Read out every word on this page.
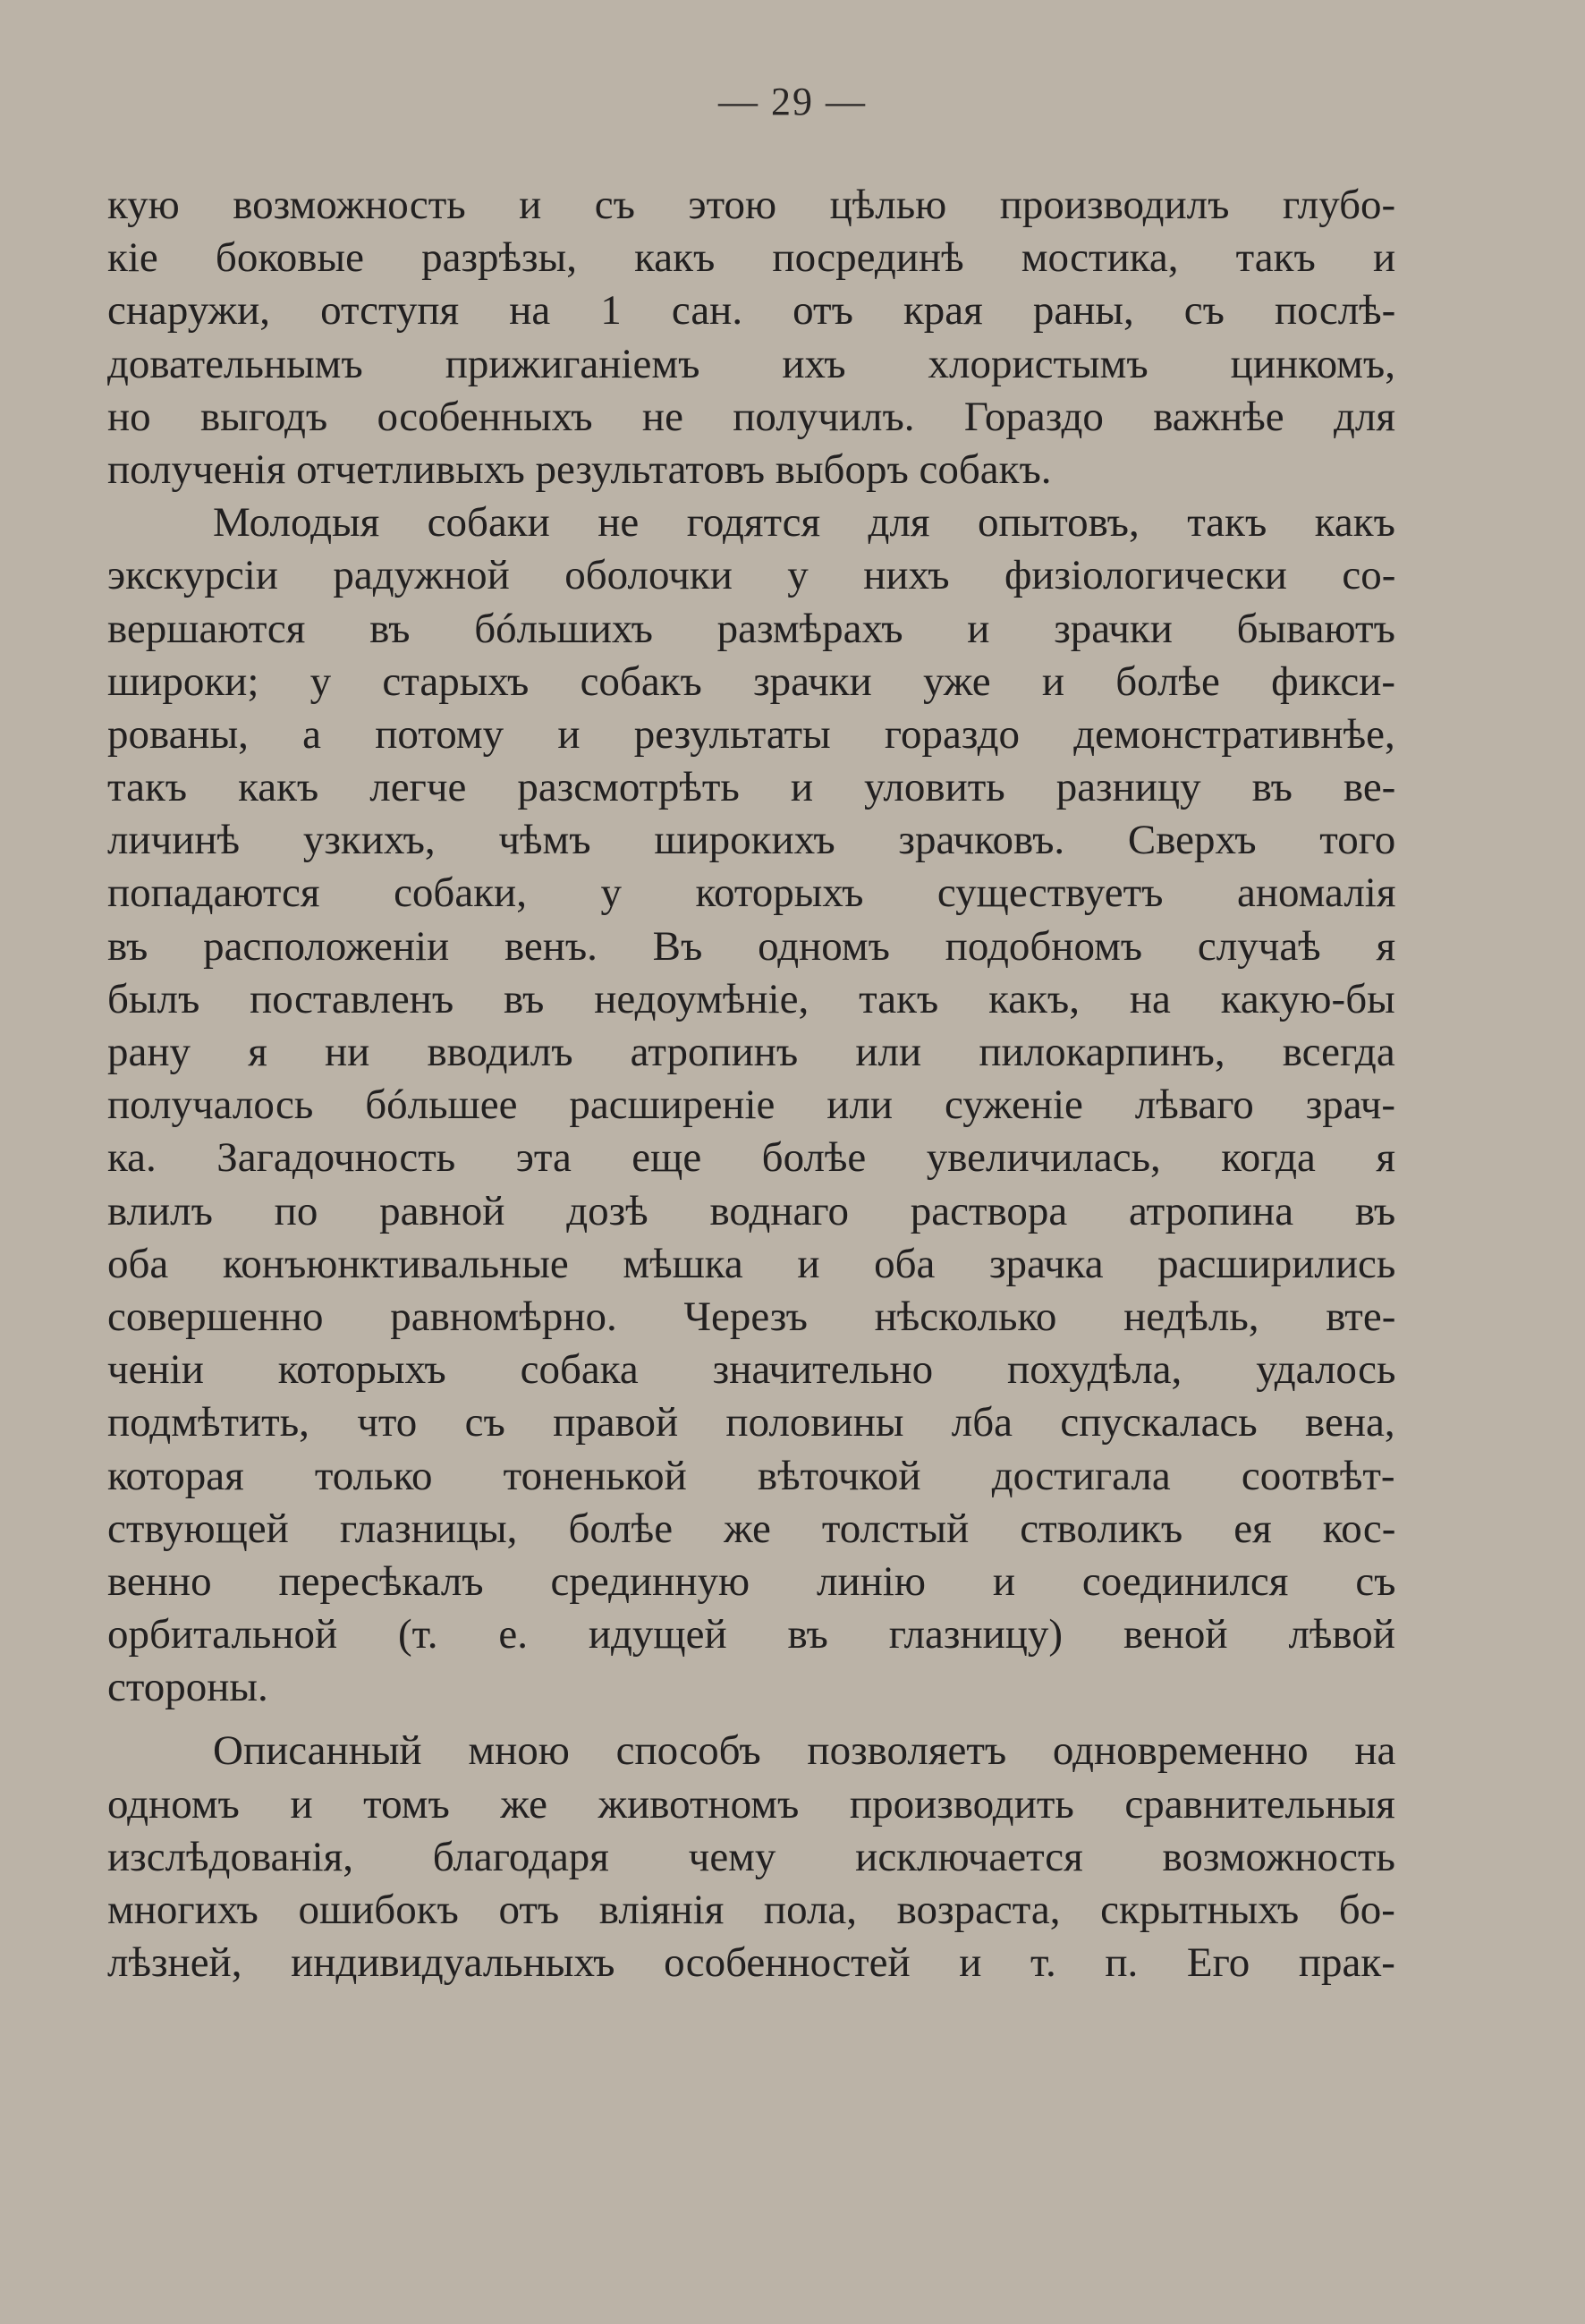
— 29 —
кую возможность и съ этою цѣлью производилъ глубо-
кіе боковые разрѣзы, какъ посрединѣ мостика, такъ и
снаружи, отступя на 1 сан. отъ края раны, съ послѣ-
довательнымъ прижиганіемъ ихъ хлористымъ цинкомъ,
но выгодъ особенныхъ не получилъ. Гораздо важнѣе для
полученія отчетливыхъ результатовъ выборъ собакъ.
Молодыя собаки не годятся для опытовъ, такъ какъ
экскурсіи радужной оболочки у нихъ физіологически со-
вершаются въ бóльшихъ размѣрахъ и зрачки бываютъ
широки; у старыхъ собакъ зрачки уже и болѣе фикси-
рованы, а потому и результаты гораздо демонстративнѣе,
такъ какъ легче разсмотрѣть и уловить разницу въ ве-
личинѣ узкихъ, чѣмъ широкихъ зрачковъ. Сверхъ того
попадаются собаки, у которыхъ существуетъ аномалія
въ расположеніи венъ. Въ одномъ подобномъ случаѣ я
былъ поставленъ въ недоумѣніе, такъ какъ, на какую-бы
рану я ни вводилъ атропинъ или пилокарпинъ, всегда
получалось бóльшее расширеніе или суженіе лѣваго зрач-
ка. Загадочность эта еще болѣе увеличилась, когда я
влилъ по равной дозѣ воднаго раствора атропина въ
оба конъюнктивальные мѣшка и оба зрачка расширились
совершенно равномѣрно. Черезъ нѣсколько недѣль, вте-
ченіи которыхъ собака значительно похудѣла, удалось
подмѣтить, что съ правой половины лба спускалась вена,
которая только тоненькой вѣточкой достигала соотвѣт-
ствующей глазницы, болѣе же толстый стволикъ ея кос-
венно пересѣкалъ срединную линію и соединился съ
орбитальной (т. е. идущей въ глазницу) веной лѣвой
стороны.
Описанный мною способъ позволяетъ одновременно на
одномъ и томъ же животномъ производить сравнительныя
изслѣдованія, благодаря чему исключается возможность
многихъ ошибокъ отъ вліянія пола, возраста, скрытныхъ бо-
лѣзней, индивидуальныхъ особенностей и т. п. Его прак-
